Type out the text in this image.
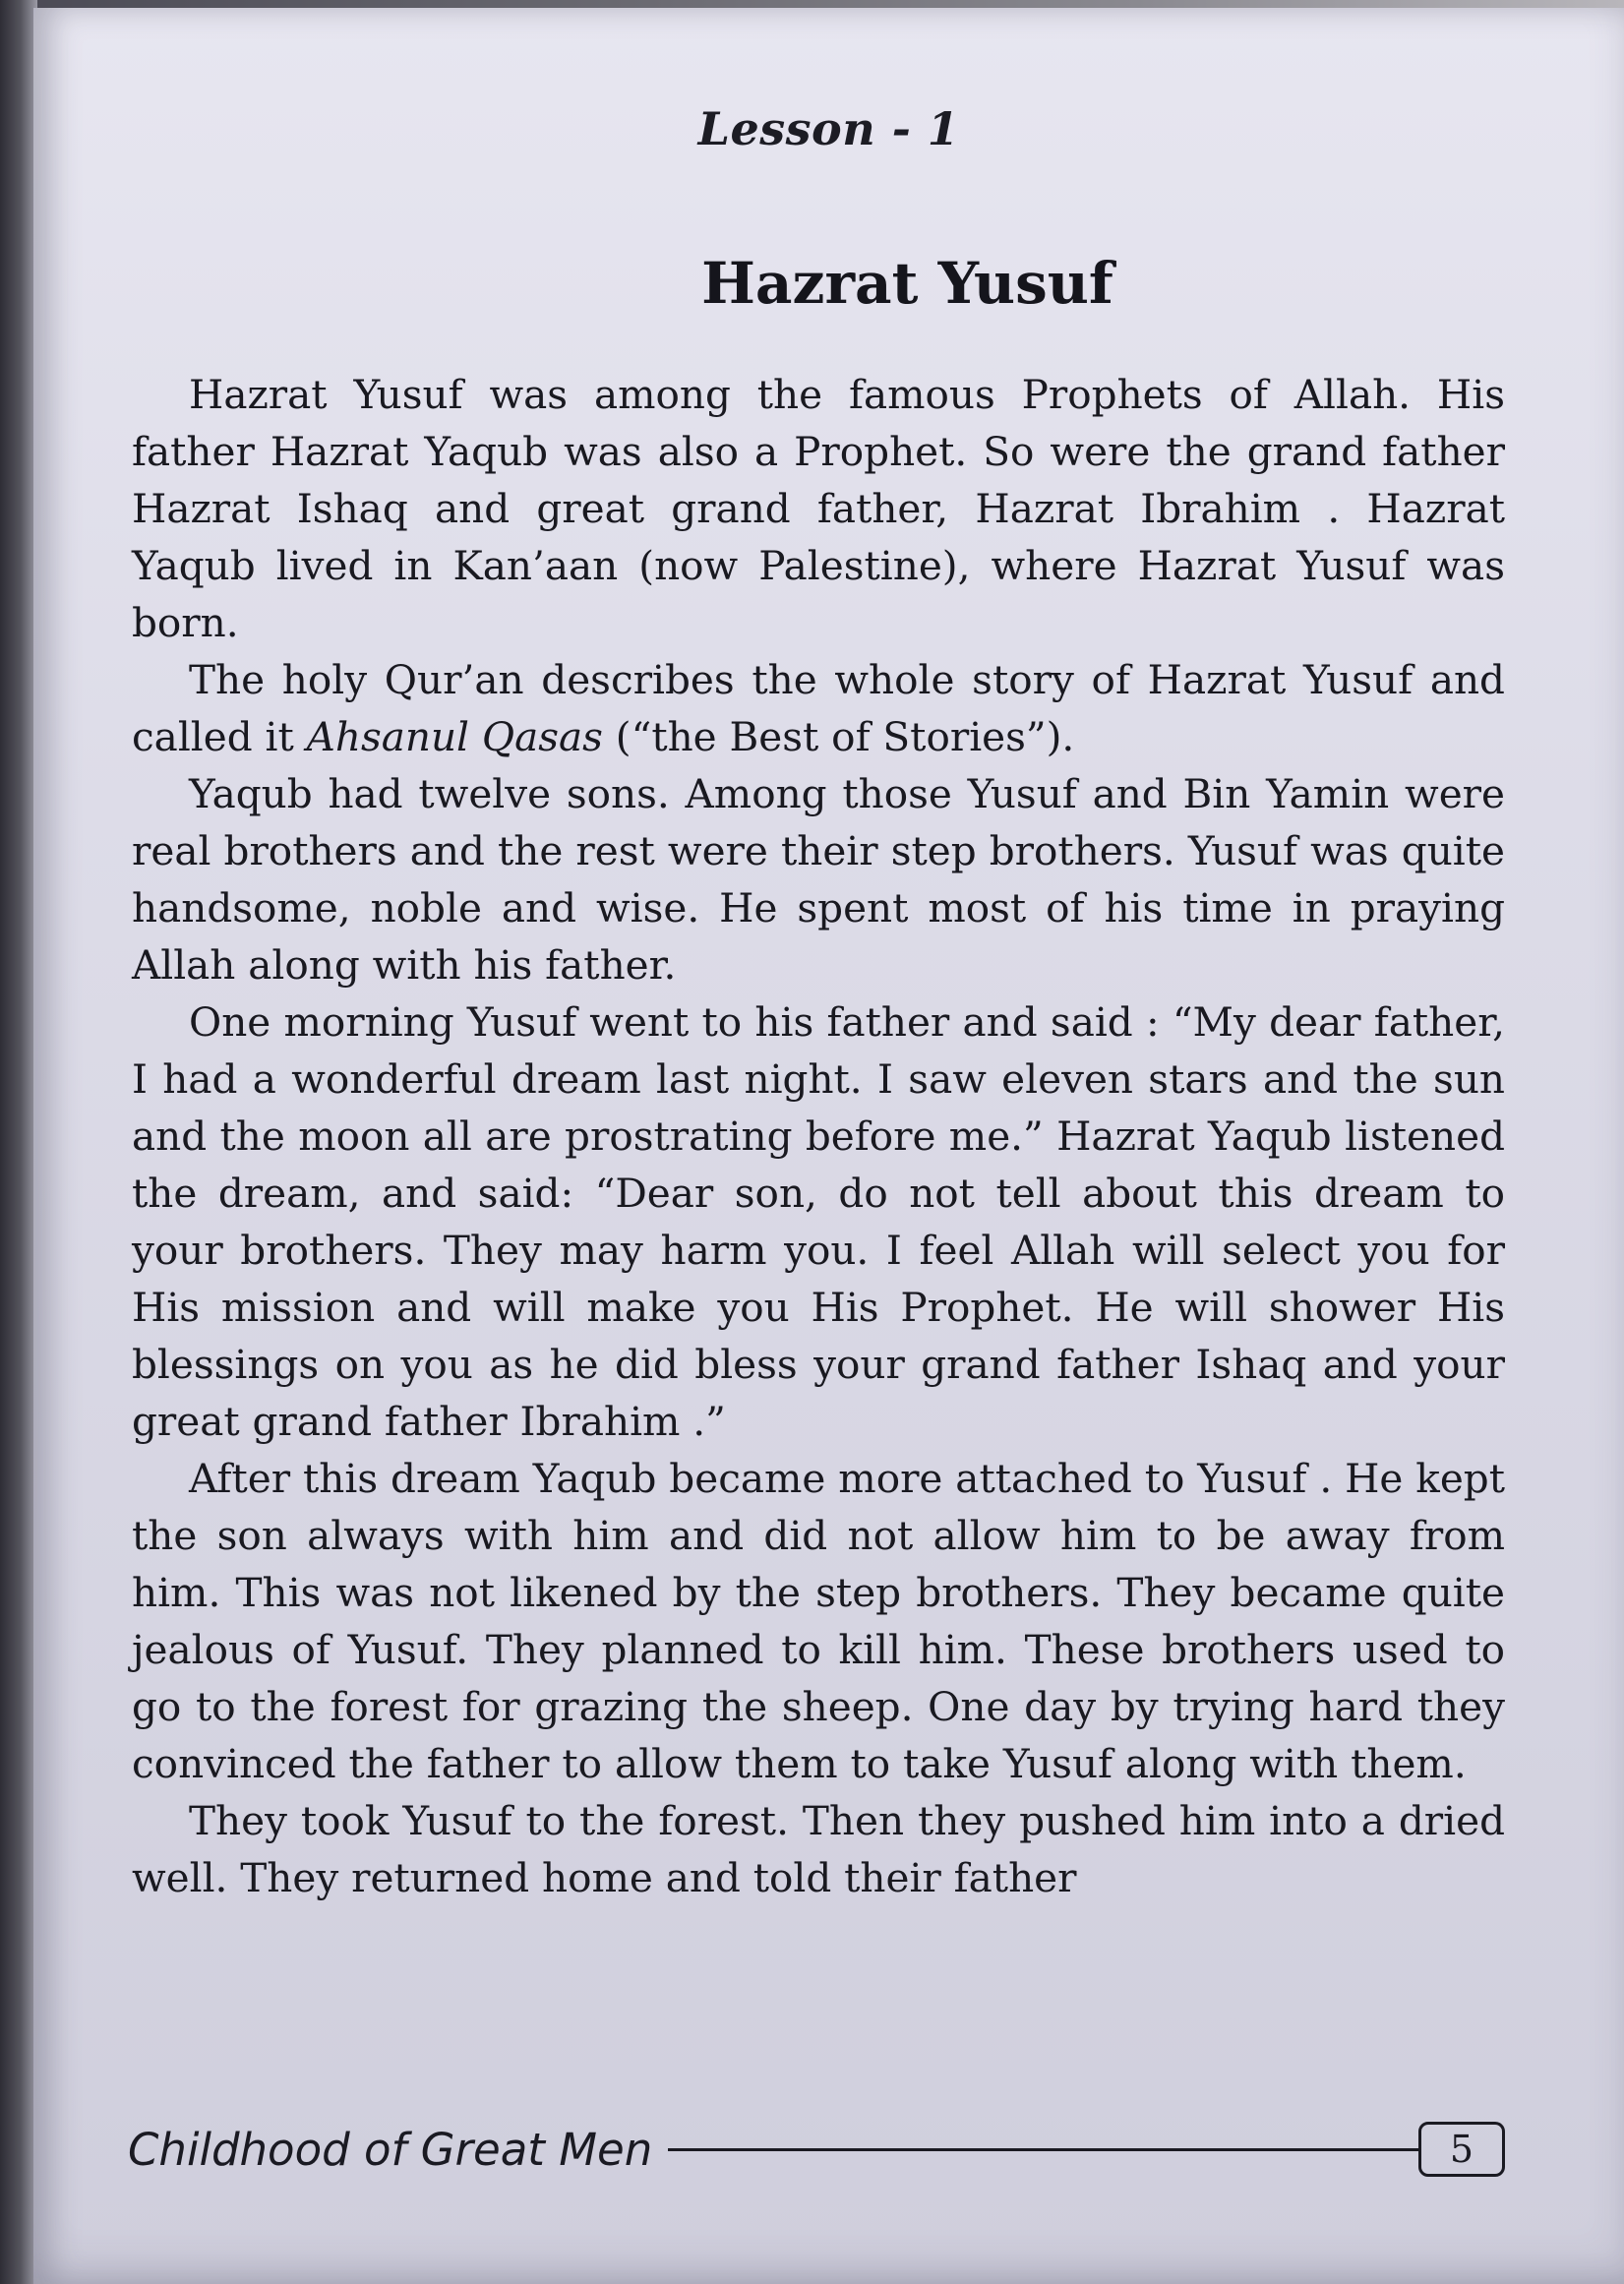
Lesson - 1
Hazrat Yusuf

Hazrat Yusuf was among the famous Prophets of Allah. His father Hazrat Yaqub was also a Prophet. So were the grand father Hazrat Ishaq and great grand father, Hazrat Ibrahim . Hazrat Yaqub lived in Kan’aan (now Palestine), where Hazrat Yusuf was born.

The holy Qur’an describes the whole story of Hazrat Yusuf and called it Ahsanul Qasas (“the Best of Stories”).

Yaqub had twelve sons. Among those Yusuf and Bin Yamin were real brothers and the rest were their step brothers. Yusuf was quite handsome, noble and wise. He spent most of his time in praying Allah along with his father.

One morning Yusuf went to his father and said : “My dear father, I had a wonderful dream last night. I saw eleven stars and the sun and the moon all are prostrating before me.” Hazrat Yaqub listened the dream, and said: “Dear son, do not tell about this dream to your brothers. They may harm you. I feel Allah will select you for His mission and will make you His Prophet. He will shower His blessings on you as he did bless your grand father Ishaq and your great grand father Ibrahim .”

After this dream Yaqub became more attached to Yusuf . He kept the son always with him and did not allow him to be away from him. This was not likened by the step brothers. They became quite jealous of Yusuf. They planned to kill him. These brothers used to go to the forest for grazing the sheep. One day by trying hard they convinced the father to allow them to take Yusuf along with them.

They took Yusuf to the forest. Then they pushed him into a dried well. They returned home and told their father

Childhood of Great Men	5
